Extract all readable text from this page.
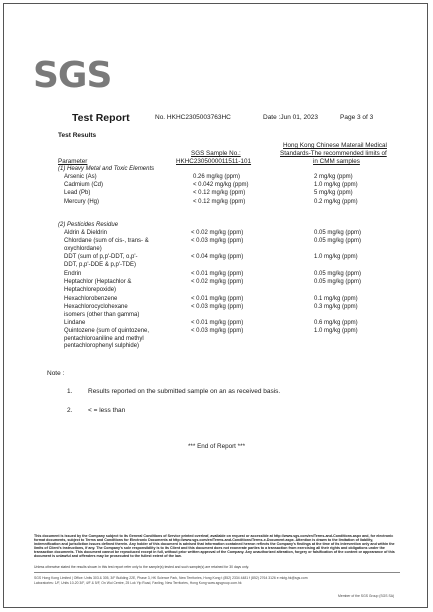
SGS
Test Report	No. HKHC2305003763HC	Date :Jun 01, 2023	Page 3 of 3
Test Results
Hong Kong Chinese Materail Medical
Standards-The recommended limits of
in CMM samples
SGS Sample No.:
HKHC2305000011511-101
Parameter
(1) Heavy Metal and Toxic Elements
Arsenic (As)	0.26 mg/kg (ppm)	2 mg/kg (ppm)
Cadmium (Cd)	< 0.042 mg/kg (ppm)	1.0 mg/kg (ppm)
Lead (Pb)	< 0.12 mg/kg (ppm)	5 mg/kg (ppm)
Mercury (Hg)	< 0.12 mg/kg (ppm)	0.2 mg/kg (ppm)
(2) Pesticides Residue
Aldrin & Dieldrin	< 0.02 mg/kg (ppm)	0.05 mg/kg (ppm)
Chlordane (sum of cis-, trans- &
oxychlordane)
< 0.03 mg/kg (ppm)	0.05 mg/kg (ppm)
DDT (sum of p,p'-DDT, o,p'-
DDT, p,p'-DDE & p,p'-TDE)
< 0.04 mg/kg (ppm)	1.0 mg/kg (ppm)
Endrin	< 0.01 mg/kg (ppm)	0.05 mg/kg (ppm)
Heptachlor (Heptachlor &
Heptachlorepoxide)
< 0.02 mg/kg (ppm)	0.05 mg/kg (ppm)
Hexachlorobenzene	< 0.01 mg/kg (ppm)	0.1 mg/kg (ppm)
Hexachlorocyclohexane
isomers (other than gamma)
< 0.03 mg/kg (ppm)	0.3 mg/kg (ppm)
Lindane	< 0.01 mg/kg (ppm)	0.6 mg/kg (ppm)
Quintozene (sum of quintozene,
pentachloroaniline and methyl
pentachlorophenyl sulphide)
< 0.03 mg/kg (ppm)	1.0 mg/kg (ppm)
Note :
1. Results reported on the submitted sample on an as received basis.
2. < = less than
*** End of Report ***
This document is issued by the Company subject to its General Conditions of Service printed overleaf, available on request or accessible at http://www.sgs.com/en/Terms-and-Conditions.aspx and, for electronic format documents, subject to Terms and Conditions for Electronic Documents at http://www.sgs.com/en/Terms-and-Conditions/Terms-e-Document.aspx. Attention is drawn to the limitation of liability, indemnification and jurisdiction issues defined therein. Any holder of this document is advised that information contained hereon reflects the Company's findings at the time of its intervention only and within the limits of Client's instructions, if any. The Company's sole responsibility is to its Client and this document does not exonerate parties to a transaction from exercising all their rights and obligations under the transaction documents. This document cannot be reproduced except in full, without prior written approval of the Company. Any unauthorized alteration, forgery or falsification of the content or appearance of this document is unlawful and offenders may be prosecuted to the fullest extent of the law.
Unless otherwise stated the results shown in this test report refer only to the sample(s) tested and such sample(s) are retained for 30 days only.
SGS Hong Kong Limited | Office: Units 303 & 305, 3/F Building 22E, Phase 3, HK Science Park, New Territories, Hong Kong t (852) 2334 4481 f (852) 2764 3126 e mktg.hk@sgs.com
Laboratories: 1/F, Units 10-20 3/F, 4/F & 5/F, On Wui Centre, 25 Lok Yip Road, Fanling, New Territories, Hong Kong www.sgsgroup.com.hk
Member of the SGS Group (SGS SA)
